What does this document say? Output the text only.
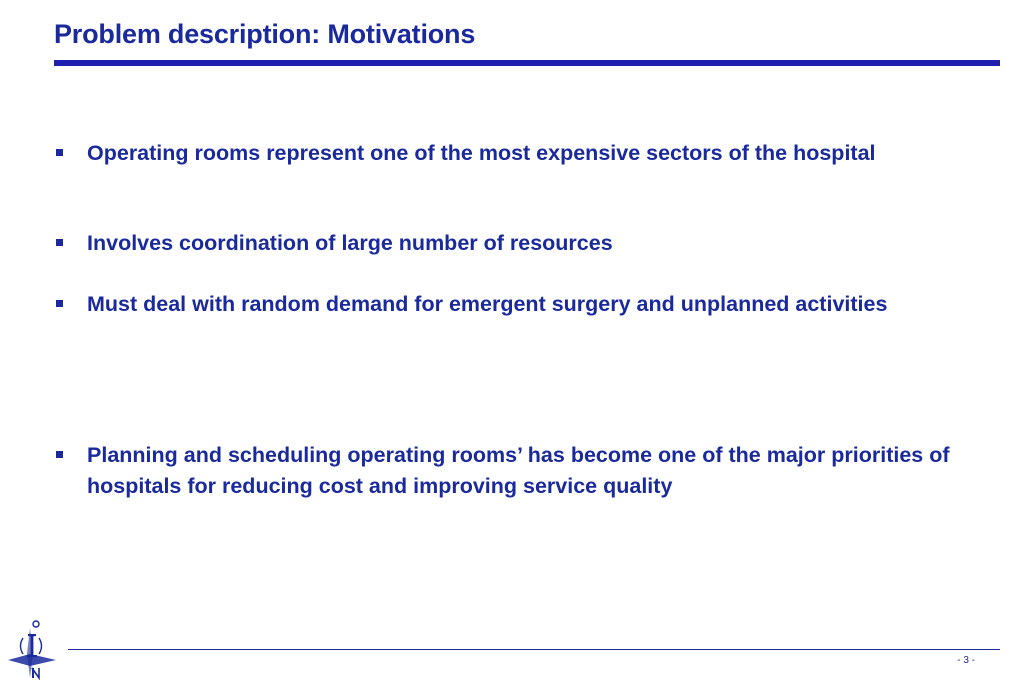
Problem description: Motivations
Operating rooms represent one of the most expensive sectors of the hospital
Involves coordination of large number of resources
Must deal with random demand for emergent surgery and unplanned activities
Planning and scheduling operating rooms’ has become one of the major priorities of hospitals for reducing cost and improving service quality
- 3 -
